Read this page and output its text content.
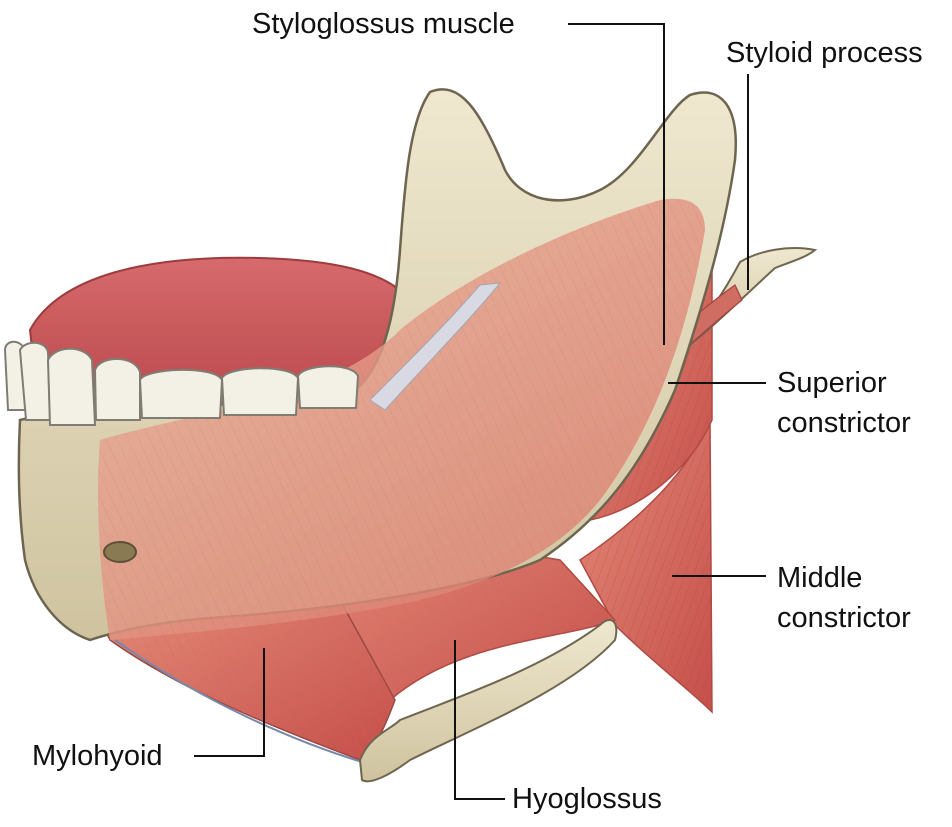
Styloglossus muscle
Styloid process
Superior
constrictor
Middle
constrictor
Mylohyoid
Hyoglossus
